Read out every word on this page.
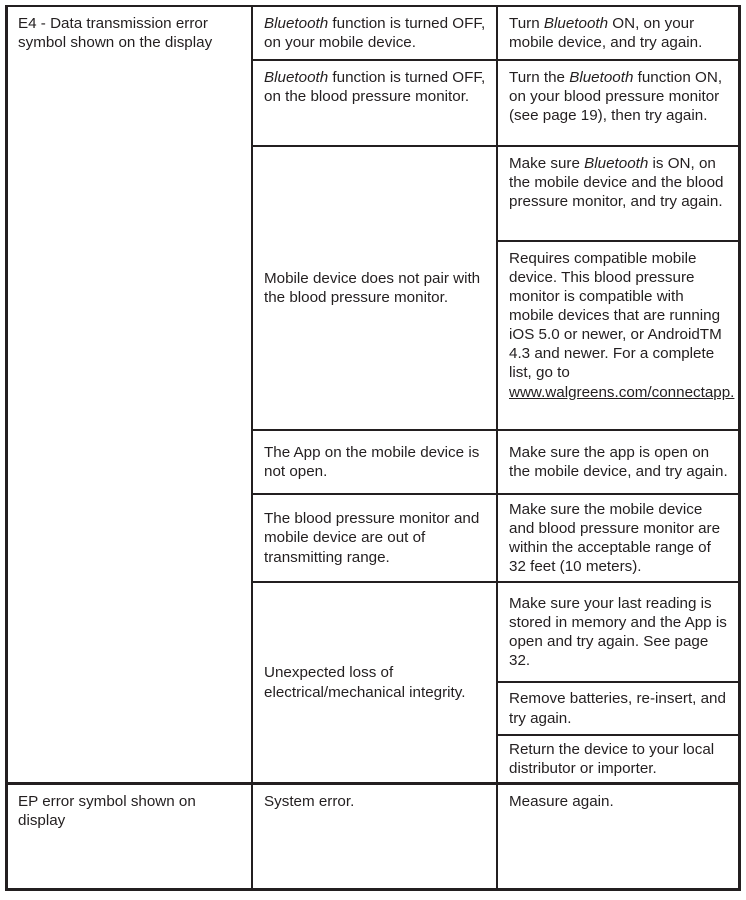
E4 - Data transmission error symbol shown on the display
Bluetooth function is turned OFF, on your mobile device.
Turn Bluetooth ON, on your mobile device, and try again.
Bluetooth function is turned OFF, on the blood pressure monitor.
Turn the Bluetooth function ON, on your blood pressure monitor (see page 19), then try again.
Mobile device does not pair with the blood pressure monitor.
Make sure Bluetooth is ON, on the mobile device and the blood pressure monitor, and try again.
Requires compatible mobile device. This blood pressure monitor is compatible with mobile devices that are running iOS 5.0 or newer, or AndroidTM 4.3 and newer. For a complete list, go to www.walgreens.com/connectapp.
The App on the mobile device is not open.
Make sure the app is open on the mobile device, and try again.
The blood pressure monitor and mobile device are out of transmitting range.
Make sure the mobile device and blood pressure monitor are within the acceptable range of 32 feet (10 meters).
Unexpected loss of electrical/mechanical integrity.
Make sure your last reading is stored in memory and the App is open and try again. See page 32.
Remove batteries, re-insert, and try again.
Return the device to your local distributor or importer.
EP error symbol shown on display
System error.	Measure again.
